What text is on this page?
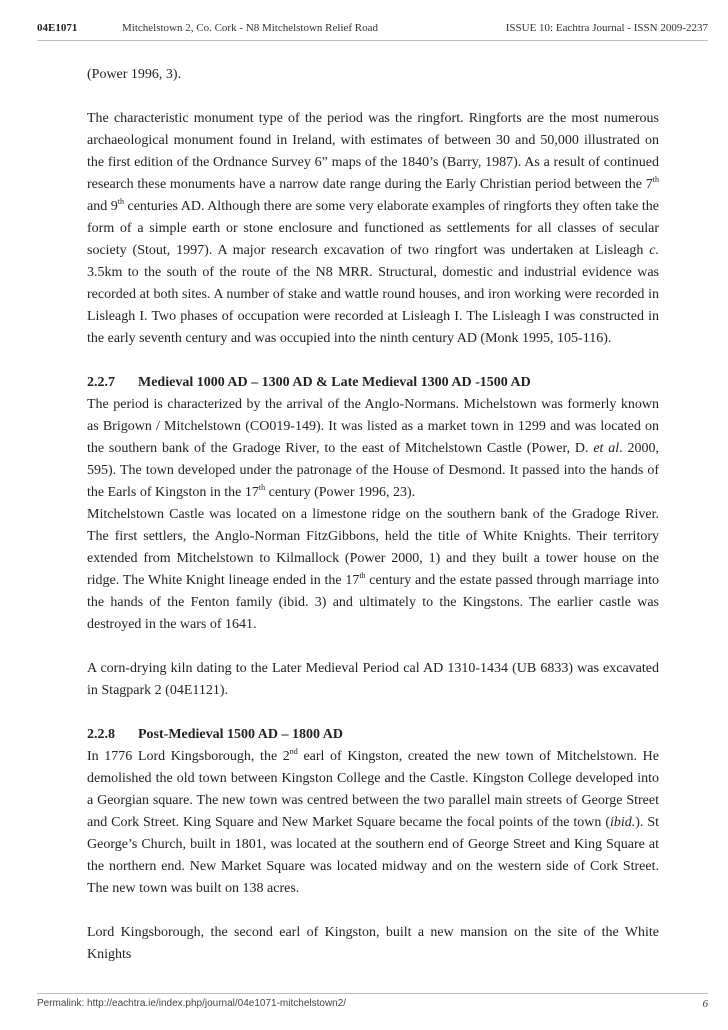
04E1071	Mitchelstown 2, Co. Cork - N8 Mitchelstown Relief Road	ISSUE 10: Eachtra Journal - ISSN 2009-2237

(Power 1996, 3).

The characteristic monument type of the period was the ringfort. Ringforts are the most numerous archaeological monument found in Ireland, with estimates of between 30 and 50,000 illustrated on the first edition of the Ordnance Survey 6” maps of the 1840’s (Barry, 1987). As a result of continued research these monuments have a narrow date range during the Early Christian period between the 7th and 9th centuries AD. Although there are some very elaborate examples of ringforts they often take the form of a simple earth or stone enclosure and functioned as settlements for all classes of secular society (Stout, 1997). A major research excavation of two ringfort was undertaken at Lisleagh c. 3.5km to the south of the route of the N8 MRR. Structural, domestic and industrial evidence was recorded at both sites. A number of stake and wattle round houses, and iron working were recorded in Lisleagh I. Two phases of occupation were recorded at Lisleagh I. The Lisleagh I was constructed in the early seventh century and was occupied into the ninth century AD (Monk 1995, 105-116).

2.2.7 Medieval 1000 AD – 1300 AD & Late Medieval 1300 AD -1500 AD

The period is characterized by the arrival of the Anglo-Normans. Michelstown was formerly known as Brigown / Mitchelstown (CO019-149). It was listed as a market town in 1299 and was located on the southern bank of the Gradoge River, to the east of Mitchelstown Castle (Power, D. et al. 2000, 595). The town developed under the patronage of the House of Desmond. It passed into the hands of the Earls of Kingston in the 17th century (Power 1996, 23).

Mitchelstown Castle was located on a limestone ridge on the southern bank of the Gradoge River. The first settlers, the Anglo-Norman FitzGibbons, held the title of White Knights. Their territory extended from Mitchelstown to Kilmallock (Power 2000, 1) and they built a tower house on the ridge. The White Knight lineage ended in the 17th century and the estate passed through marriage into the hands of the Fenton family (ibid. 3) and ultimately to the Kingstons. The earlier castle was destroyed in the wars of 1641.

A corn-drying kiln dating to the Later Medieval Period cal AD 1310-1434 (UB 6833) was excavated in Stagpark 2 (04E1121).

2.2.8 Post-Medieval 1500 AD – 1800 AD

In 1776 Lord Kingsborough, the 2nd earl of Kingston, created the new town of Mitchelstown. He demolished the old town between Kingston College and the Castle. Kingston College developed into a Georgian square. The new town was centred between the two parallel main streets of George Street and Cork Street. King Square and New Market Square became the focal points of the town (ibid.). St George’s Church, built in 1801, was located at the southern end of George Street and King Square at the northern end. New Market Square was located midway and on the western side of Cork Street. The new town was built on 138 acres.

Lord Kingsborough, the second earl of Kingston, built a new mansion on the site of the White Knights

Permalink: http://eachtra.ie/index.php/journal/04e1071-mitchelstown2/	6
